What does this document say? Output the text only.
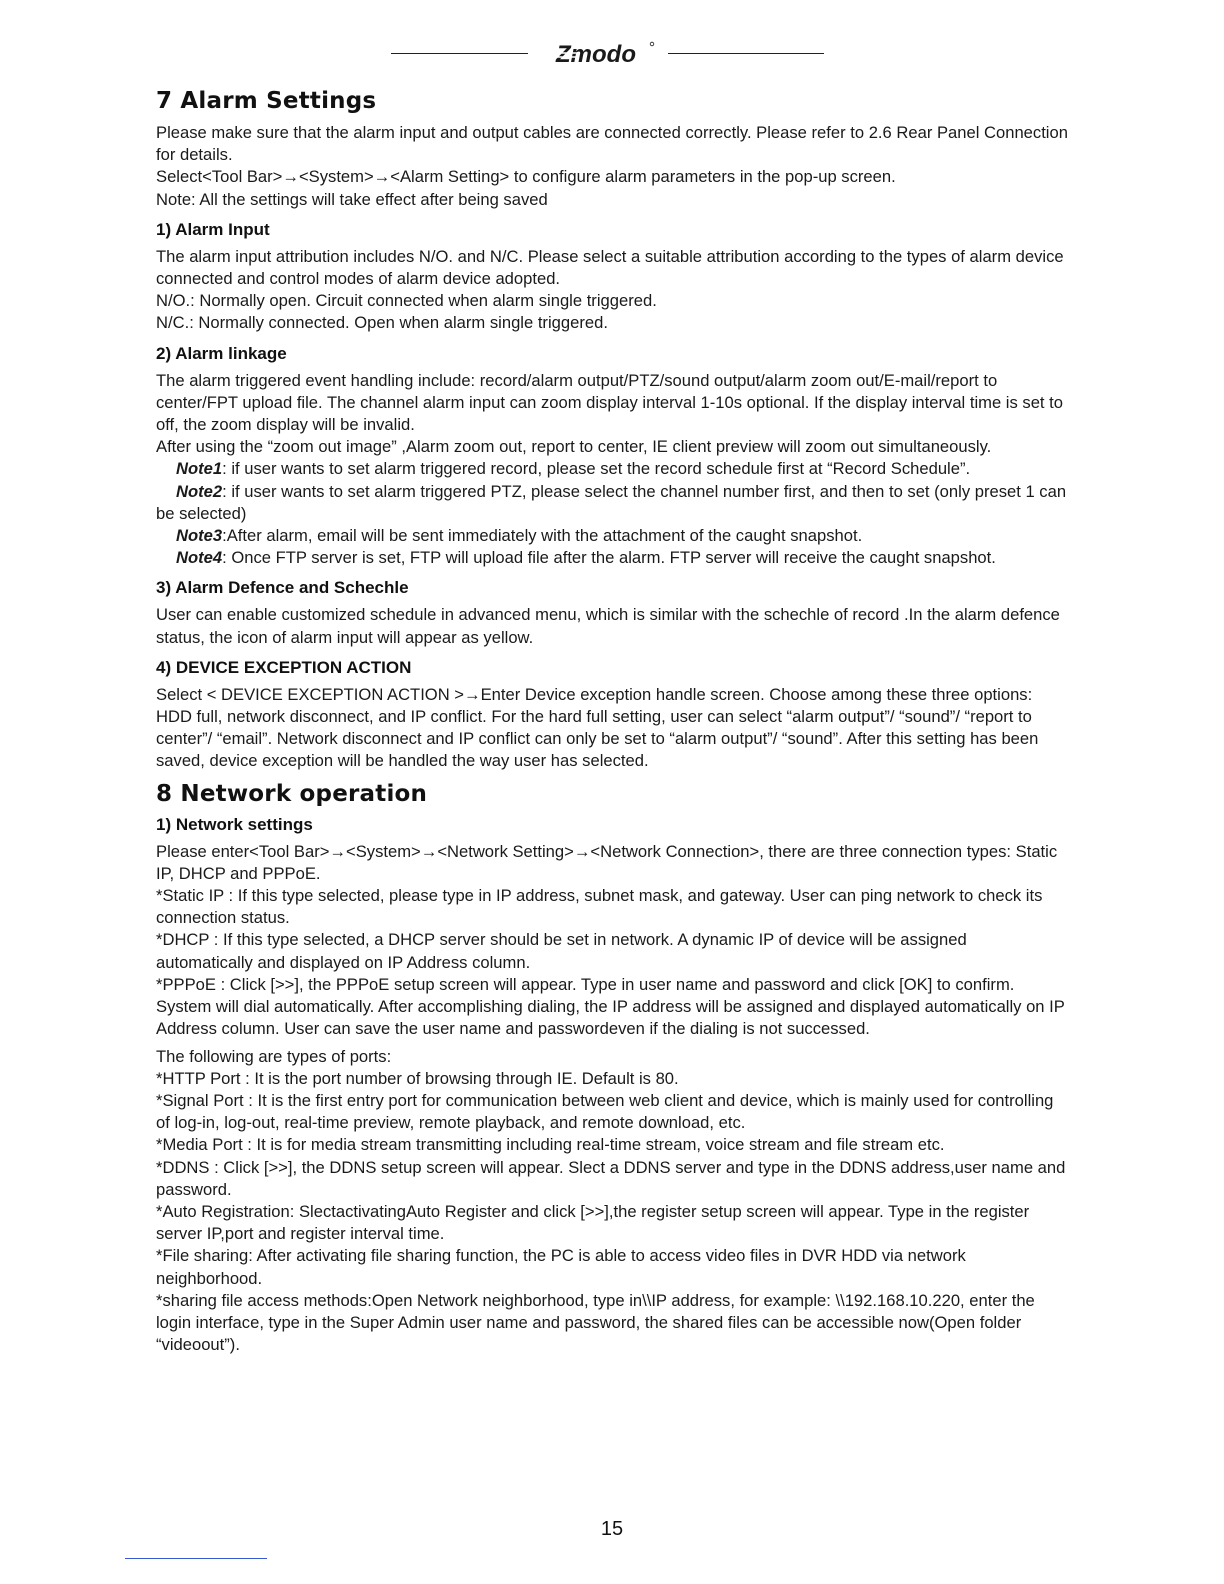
Zmodo
7 Alarm Settings

Please make sure that the alarm input and output cables are connected correctly. Please refer to 2.6 Rear Panel Connection for details.

Select<Tool Bar>→<System>→<Alarm Setting> to configure alarm parameters in the pop-up screen.

Note: All the settings will take effect after being saved

1) Alarm Input

The alarm input attribution includes N/O. and N/C. Please select a suitable attribution according to the types of alarm device connected and control modes of alarm device adopted.

N/O.: Normally open. Circuit connected when alarm single triggered.

N/C.: Normally connected. Open when alarm single triggered.

2) Alarm linkage

The alarm triggered event handling include: record/alarm output/PTZ/sound output/alarm zoom out/E-mail/report to center/FPT upload file. The channel alarm input can zoom display interval 1-10s optional. If the display interval time is set to off, the zoom display will be invalid.

After using the “zoom out image” ,Alarm zoom out, report to center, IE client preview will zoom out simultaneously.

Note1: if user wants to set alarm triggered record, please set the record schedule first at “Record Schedule”.

Note2: if user wants to set alarm triggered PTZ, please select the channel number first, and then to set (only preset 1 can be selected)

Note3:After alarm, email will be sent immediately with the attachment of the caught snapshot.

Note4: Once FTP server is set, FTP will upload file after the alarm. FTP server will receive the caught snapshot.

3) Alarm Defence and Schechle

User can enable customized schedule in advanced menu, which is similar with the schechle of record .In the alarm defence status, the icon of alarm input will appear as yellow.

4) DEVICE EXCEPTION ACTION

Select < DEVICE EXCEPTION ACTION >→Enter Device exception handle screen. Choose among these three options: HDD full, network disconnect, and IP conflict. For the hard full setting, user can select “alarm output”/ “sound”/ “report to center”/ “email”. Network disconnect and IP conflict can only be set to “alarm output”/ “sound”. After this setting has been saved, device exception will be handled the way user has selected.

8 Network operation
1) Network settings

Please enter<Tool Bar>→<System>→<Network Setting>→<Network Connection>, there are three connection types: Static IP, DHCP and PPPoE.

*Static IP : If this type selected, please type in IP address, subnet mask, and gateway. User can ping network to check its connection status.

*DHCP : If this type selected, a DHCP server should be set in network. A dynamic IP of device will be assigned automatically and displayed on IP Address column.

*PPPoE : Click [>>], the PPPoE setup screen will appear. Type in user name and password and click [OK] to confirm. System will dial automatically. After accomplishing dialing, the IP address will be assigned and displayed automatically on IP Address column. User can save the user name and passwordeven if the dialing is not successed.

The following are types of ports:

*HTTP Port : It is the port number of browsing through IE. Default is 80.

*Signal Port : It is the first entry port for communication between web client and device, which is mainly used for controlling of log-in, log-out, real-time preview, remote playback, and remote download, etc.

*Media Port : It is for media stream transmitting including real-time stream, voice stream and file stream etc.

*DDNS : Click [>>], the DDNS setup screen will appear. Slect a DDNS server and type in the DDNS address,user name and password.

*Auto Registration: SlectactivatingAuto Register and click [>>],the register setup screen will appear. Type in the register server IP,port and register interval time.

*File sharing: After activating file sharing function, the PC is able to access video files in DVR HDD via network neighborhood.

*sharing file access methods:Open Network neighborhood, type in\\IP address, for example: \\192.168.10.220, enter the login interface, type in the Super Admin user name and password, the shared files can be accessible now(Open folder “videoout”).

15
